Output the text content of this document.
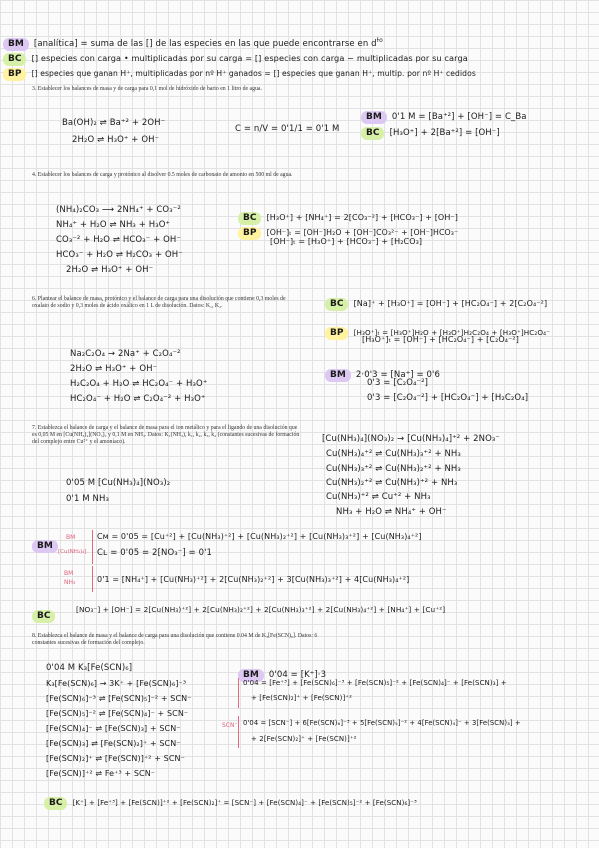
BM [analítica] = suma de las [] de las especies en las que puede encontrarse en $d^{ɫo}$
BC [] especies con carga • multiplicadas por su carga = [] especies con carga − multiplicadas por su carga
BP [] especies que ganan H⁺, multiplicadas por nº H⁺ ganados = [] especies que ganan H⁺, multip. por nº H⁺ cedidos
3. Establecer los balances de masa y de carga para 0,1 mol de hidróxido de bario en 1 litro de agua.
Ba(OH)₂ ⇌ Ba⁺² + 2OH⁻
2H₂O ⇌ H₃O⁺ + OH⁻
C = n/V = 0'1/1 = 0'1 M
BM 0'1 M = [Ba⁺²] + [OH⁻] = C_Ba
BC [H₃O⁺] + 2[Ba⁺²] = [OH⁻]
4. Establecer los balances de carga y protónico al disolver 0.5 moles de carbonato de amonio en 500 ml de agua.
(NH₄)₂CO₃ ⟶ 2NH₄⁺ + CO₃⁻²
NH₄⁺ + H₂O ⇌ NH₃ + H₃O⁺
CO₃⁻² + H₂O ⇌ HCO₃⁻ + OH⁻
HCO₃⁻ + H₂O ⇌ H₂CO₃ + OH⁻
2H₂O ⇌ H₃O⁺ + OH⁻
BC [H₃O⁺] + [NH₄⁺] = 2[CO₃⁻²] + [HCO₃⁻] + [OH⁻]
BP [OH⁻]ₜ = [OH⁻]H₂O + [OH⁻]CO₃²⁻ + [OH⁻]HCO₃⁻
[OH⁻]ₜ = [H₃O⁺] + [HCO₃⁻] + [H₂CO₃]
6. Plantear el balance de masa, protónico y el balance de carga para una disolución que contiene 0,3 moles de oxalato de sodio y 0,3 moles de ácido oxálico en 1 L de disolución. Datos: K₁, K₂.
Na₂C₂O₄ → 2Na⁺ + C₂O₄⁻²
2H₂O ⇌ H₃O⁺ + OH⁻
H₂C₂O₄ + H₂O ⇌ HC₂O₄⁻ + H₃O⁺
HC₂O₄⁻ + H₂O ⇌ C₂O₄⁻² + H₃O⁺
BC [Na]⁺ + [H₃O⁺] = [OH⁻] + [HC₂O₄⁻] + 2[C₂O₄⁻²]
BP [H₃O⁺]ₜ = [H₃O⁺]H₂O + [H₃O⁺]H₂C₂O₄ + [H₃O⁺]HC₂O₄⁻
[H₃O⁺]ₜ = [OH⁻] + [HC₂O₄⁻] + [C₂O₄⁻²]
BM 2·0'3 = [Na⁺] = 0'6
0'3 = [C₂O₄⁻²]
0'3 = [C₂O₄⁻²] + [HC₂O₄⁻] + [H₂C₂O₄]
7. Establezca el balance de carga y el balance de masa para el ion metálico y para el ligando de una disolución que es 0,05 M en [Cu(NH₃)₄](NO₃)₂ y 0,1 M en NH₃. Datos: K₁(NH₃), k₁, k₂, k₃, k₄ (constantes sucesivas de formación del complejo entre Cu²⁺ y el amoníaco).	[Cu(NH₃)₄](NO₃)₂ → [Cu(NH₃)₄]⁺² + 2NO₃⁻
Cu(NH₃)₄⁺² ⇌ Cu(NH₃)₃⁺² + NH₃
Cu(NH₃)₃⁺² ⇌ Cu(NH₃)₂⁺² + NH₃
Cu(NH₃)₂⁺² ⇌ Cu(NH₃)⁺² + NH₃
Cu(NH₃)⁺² ⇌ Cu⁺² + NH₃
NH₃ + H₂O ⇌ NH₄⁺ + OH⁻
0'05 M [Cu(NH₃)₄](NO₃)₂
0'1 M NH₃
BM
BM
[Cu(NH₃)₄]
Cм = 0'05 = [Cu⁺²] + [Cu(NH₃)⁺²] + [Cu(NH₃)₂⁺²] + [Cu(NH₃)₃⁺²] + [Cu(NH₃)₄⁺²]
Cʟ = 0'05 = 2[NO₃⁻] = 0'1
BM
NH₃	0'1 = [NH₄⁺] + [Cu(NH₃)⁺²] + 2[Cu(NH₃)₂⁺²] + 3[Cu(NH₃)₃⁺²] + 4[Cu(NH₃)₄⁺²]
BC
[NO₃⁻] + [OH⁻] = 2[Cu(NH₃)⁺²] + 2[Cu(NH₃)₂⁺²] + 2[Cu(NH₃)₃⁺²] + 2[Cu(NH₃)₄⁺²] + [NH₄⁺] + [Cu⁺²]
8. Establezca el balance de masa y el balance de carga para una disolución que contiene 0.04 M de K₃[Fe(SCN)₆]. Datos: 6 constantes sucesivas de formación del complejo.
0'04 M K₃[Fe(SCN)₆]
K₃[Fe(SCN)₆] → 3K⁺ + [Fe(SCN)₆]⁻³
[Fe(SCN)₆]⁻³ ⇌ [Fe(SCN)₅]⁻² + SCN⁻
[Fe(SCN)₅]⁻² ⇌ [Fe(SCN)₄]⁻ + SCN⁻
[Fe(SCN)₄]⁻ ⇌ [Fe(SCN)₃] + SCN⁻
[Fe(SCN)₃] ⇌ [Fe(SCN)₂]⁺ + SCN⁻
[Fe(SCN)₂]⁺ ⇌ [Fe(SCN)]⁺² + SCN⁻
[Fe(SCN)]⁺² ⇌ Fe⁺³ + SCN⁻
BM 0'04 = [K⁺]·3
0'04 = [Fe⁺³] + [Fe(SCN)₆]⁻³ + [Fe(SCN)₅]⁻² + [Fe(SCN)₄]⁻ + [Fe(SCN)₃] +
+ [Fe(SCN)₂]⁺ + [Fe(SCN)]⁺²
SCN⁻ 0'04 = [SCN⁻] + 6[Fe(SCN)₆]⁻³ + 5[Fe(SCN)₅]⁻² + 4[Fe(SCN)₄]⁻ + 3[Fe(SCN)₃] +
+ 2[Fe(SCN)₂]⁺ + [Fe(SCN)]⁺²
BC [K⁺] + [Fe⁺³] + [Fe(SCN)]⁺² + [Fe(SCN)₂]⁺ = [SCN⁻] + [Fe(SCN)₄]⁻ + [Fe(SCN)₅]⁻² + [Fe(SCN)₆]⁻³
